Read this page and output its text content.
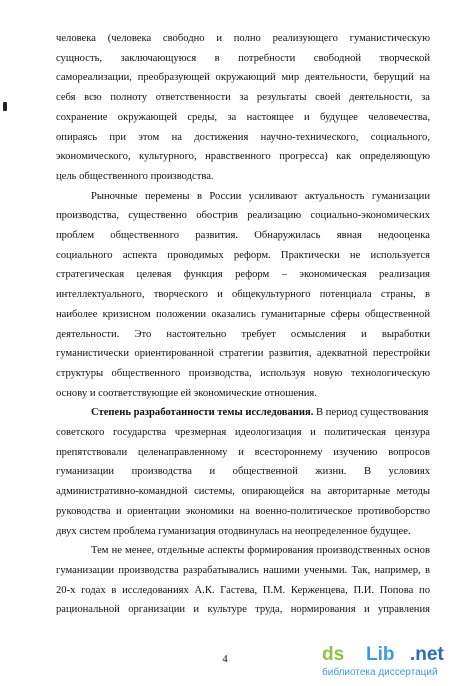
человека (человека свободно и полно реализующего гуманистическую
сущность, заключающуюся в потребности свободной творческой
самореализации, преобразующей окружающий мир деятельности, берущий на
себя всю полноту ответственности за результаты своей деятельности, за
сохранение окружающей среды, за настоящее и будущее человечества,
опираясь при этом на достижения научно-технического, социального,
экономического, культурного, нравственного прогресса) как определяющую
цель общественного производства.
Рыночные перемены в России усиливают актуальность гуманизации
производства, существенно обострив реализацию социально-экономических
проблем общественного развития. Обнаружилась явная недооценка
социального аспекта проводимых реформ. Практически не используется
стратегическая целевая функция реформ – экономическая реализация
интеллектуального, творческого и общекультурного потенциала страны, в
наиболее кризисном положении оказались гуманитарные сферы общественной
деятельности. Это настоятельно требует осмысления и выработки
гуманистически ориентированной стратегии развития, адекватной перестройки
структуры общественного производства, используя новую технологическую
основу и соответствующие ей экономические отношения.
Степень разработанности темы исследования. В период существования
советского государства чрезмерная идеологизация и политическая цензура
препятствовали целенаправленному и всестороннему изучению вопросов
гуманизации производства и общественной жизни. В условиях
административно-командной системы, опирающейся на авторитарные методы
руководства и ориентации экономики на военно-политическое противоборство
двух систем проблема гуманизация отодвинулась на неопределенное будущее.
Тем не менее, отдельные аспекты формирования производственных основ
гуманизации производства разрабатывались нашими учеными. Так, например, в
20-х годах в исследованиях А.К. Гастева, П.М. Керженцева, П.И. Попова по
рациональной организации и культуре труда, нормирования и управления
4	ds Lib .net
библиотека диссертаций
